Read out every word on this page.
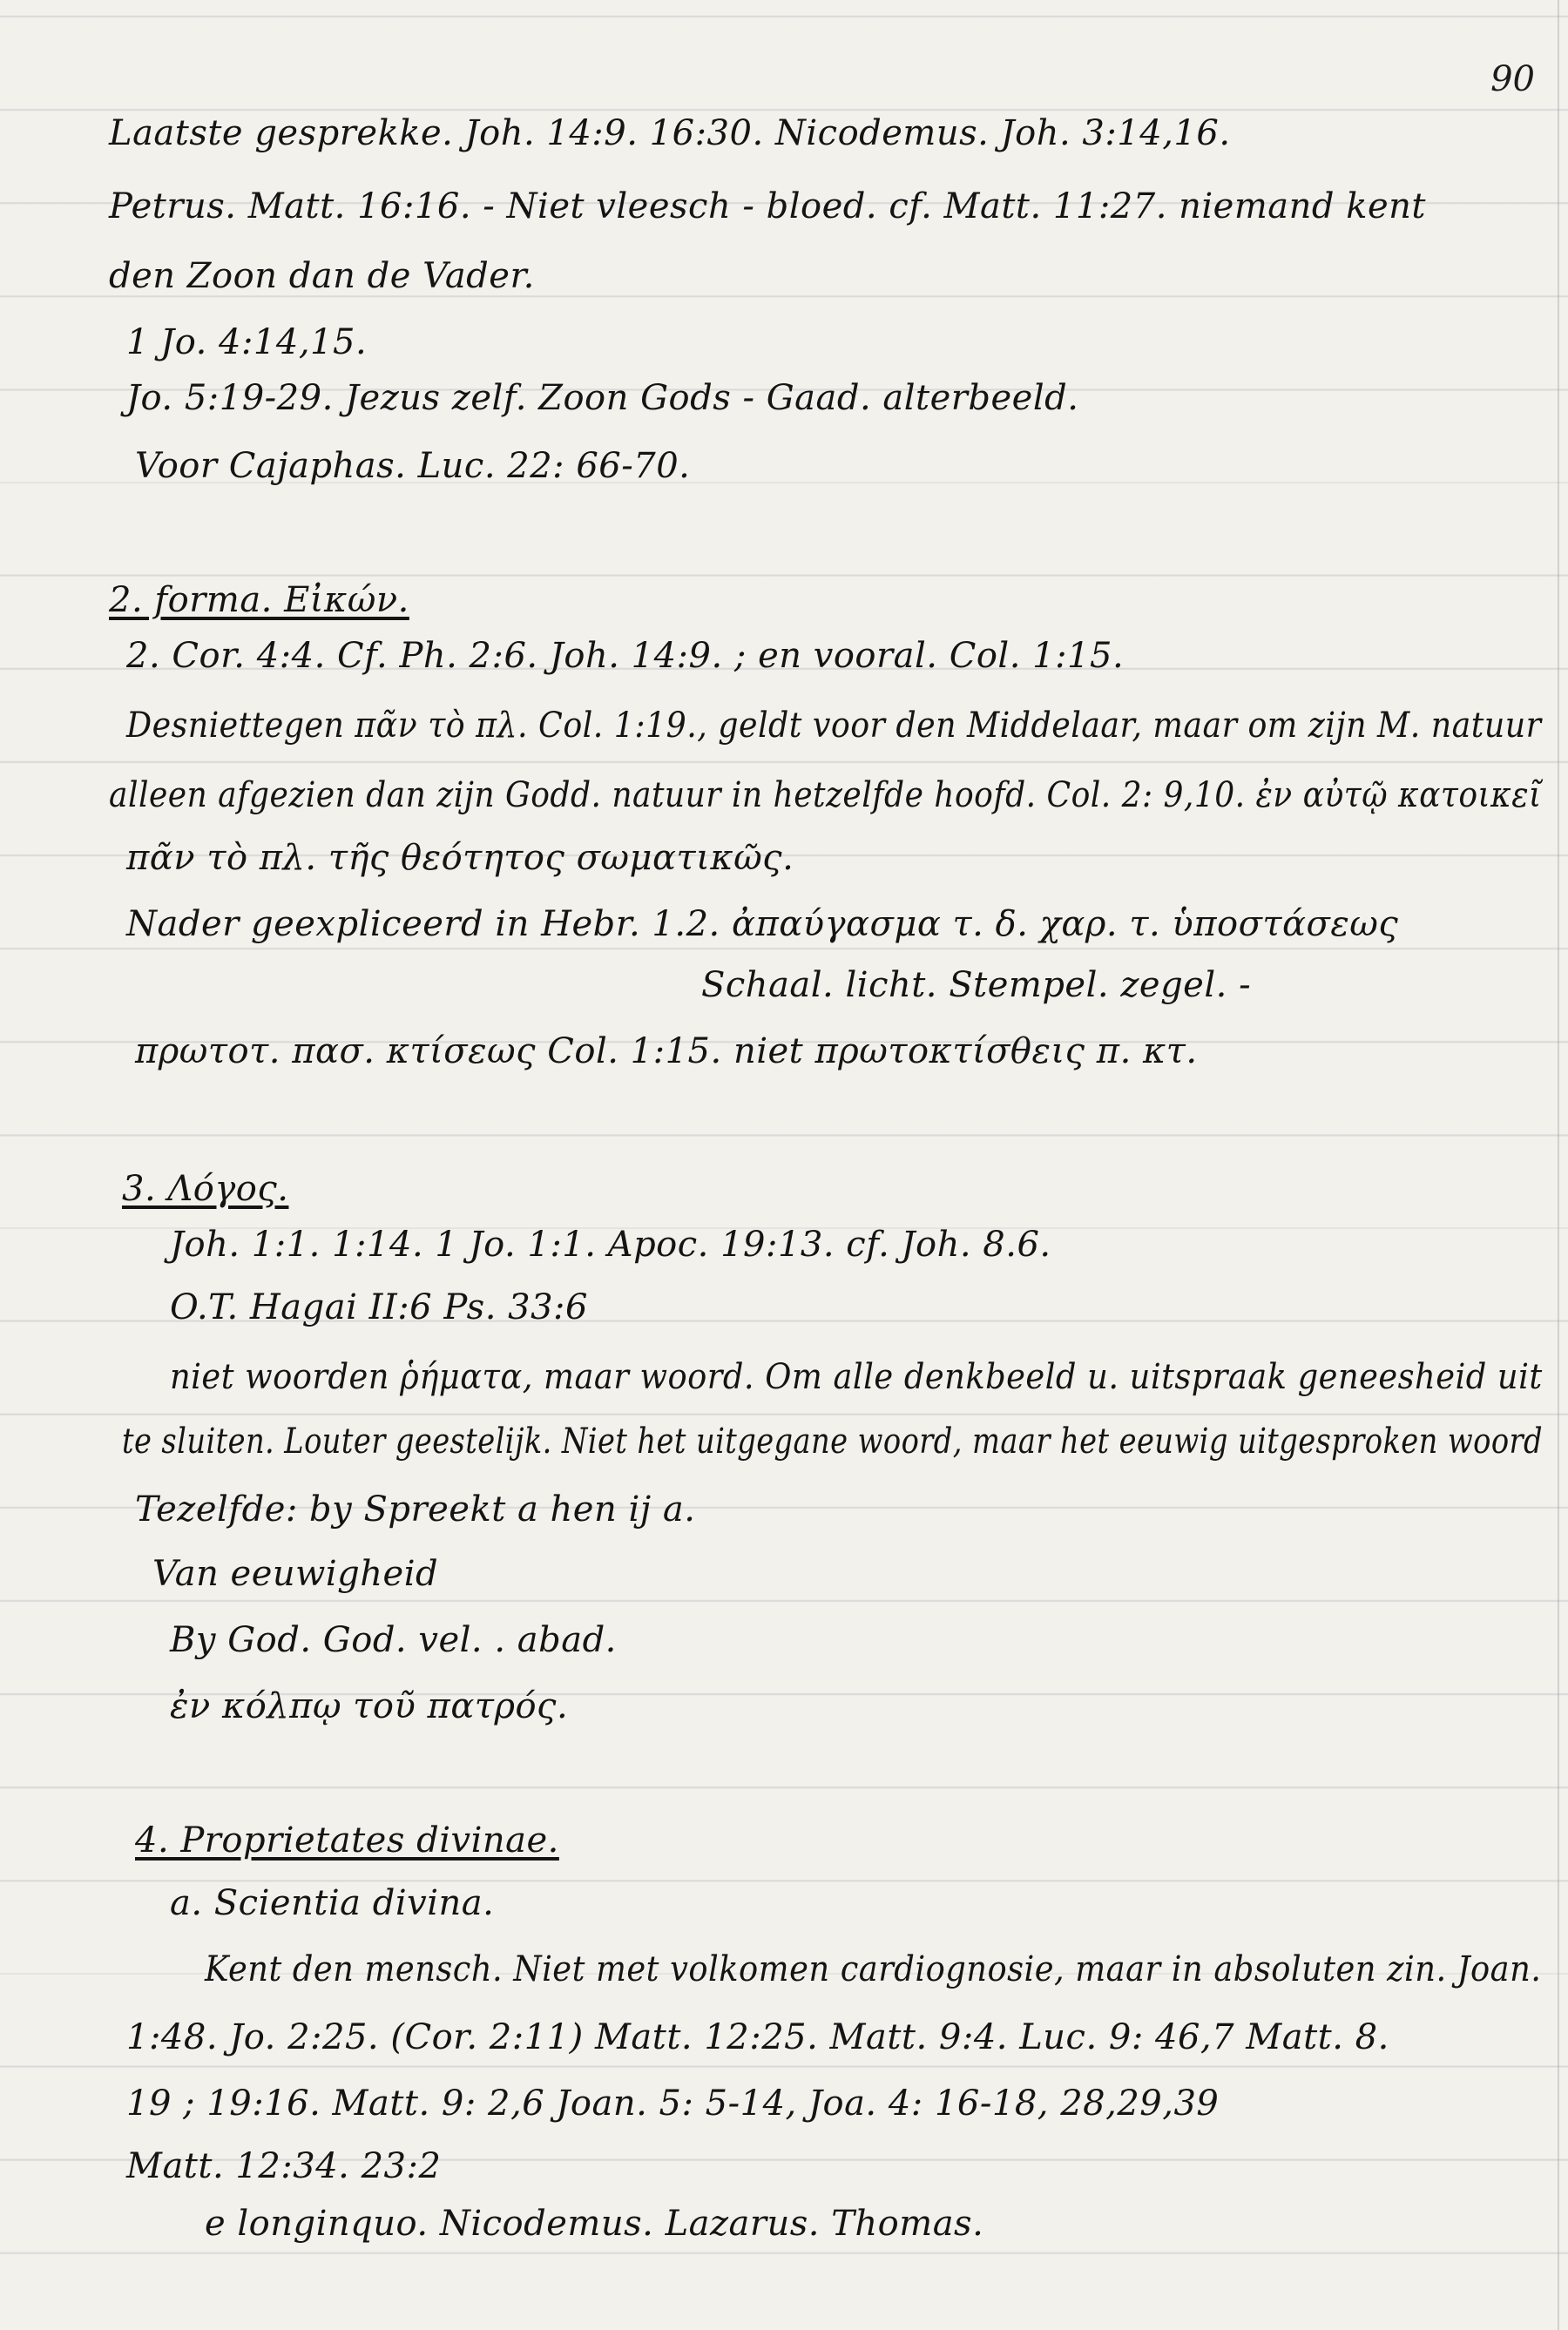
90
Laatste gesprekke. Joh. 14:9. 16:30. Nicodemus. Joh. 3:14,16.
Petrus. Matt. 16:16. - Niet vleesch - bloed. cf. Matt. 11:27. niemand kent
den Zoon dan de Vader.
1 Jo. 4:14,15.
Jo. 5:19-29. Jezus zelf. Zoon Gods - Gaad. alterbeeld.
Voor Cajaphas. Luc. 22: 66-70.
2. forma. Εἰκών.
2. Cor. 4:4. Cf. Ph. 2:6. Joh. 14:9. ; en vooral. Col. 1:15.
Desniettegen πᾶν τὸ πλ. Col. 1:19., geldt voor den Middelaar, maar om zijn M. natuur
alleen afgezien dan zijn Godd. natuur in hetzelfde hoofd. Col. 2: 9,10. ἐν αὐτῷ κατοικεῖ
πᾶν τὸ πλ. τῆς θεότητος σωματικῶς.
Nader geexpliceerd in Hebr. 1.2. ἀπαύγασμα τ. δ. χαρ. τ. ὑποστάσεως
Schaal. licht. Stempel. zegel. -
πρωτοτ. πασ. κτίσεως Col. 1:15. niet πρωτοκτίσθεις π. κτ.
3. Λόγος.
Joh. 1:1. 1:14. 1 Jo. 1:1. Apoc. 19:13. cf. Joh. 8.6.
O.T. Hagai II:6 Ps. 33:6
niet woorden ῥήματα, maar woord. Om alle denkbeeld u. uitspraak geneesheid uit
te sluiten. Louter geestelijk. Niet het uitgegane woord, maar het eeuwig uitgesproken woord
Tezelfde: by Spreekt a hen ij a.
Van eeuwigheid
By God. God. vel. . abad.
ἐν κόλπῳ τοῦ πατρός.
4. Proprietates divinae.
a. Scientia divina.
Kent den mensch. Niet met volkomen cardiognosie, maar in absoluten zin. Joan.
1:48. Jo. 2:25. (Cor. 2:11) Matt. 12:25. Matt. 9:4. Luc. 9: 46,7 Matt. 8.
19 ; 19:16. Matt. 9: 2,6 Joan. 5: 5-14, Joa. 4: 16-18, 28,29,39
Matt. 12:34. 23:2
e longinquo. Nicodemus. Lazarus. Thomas.
